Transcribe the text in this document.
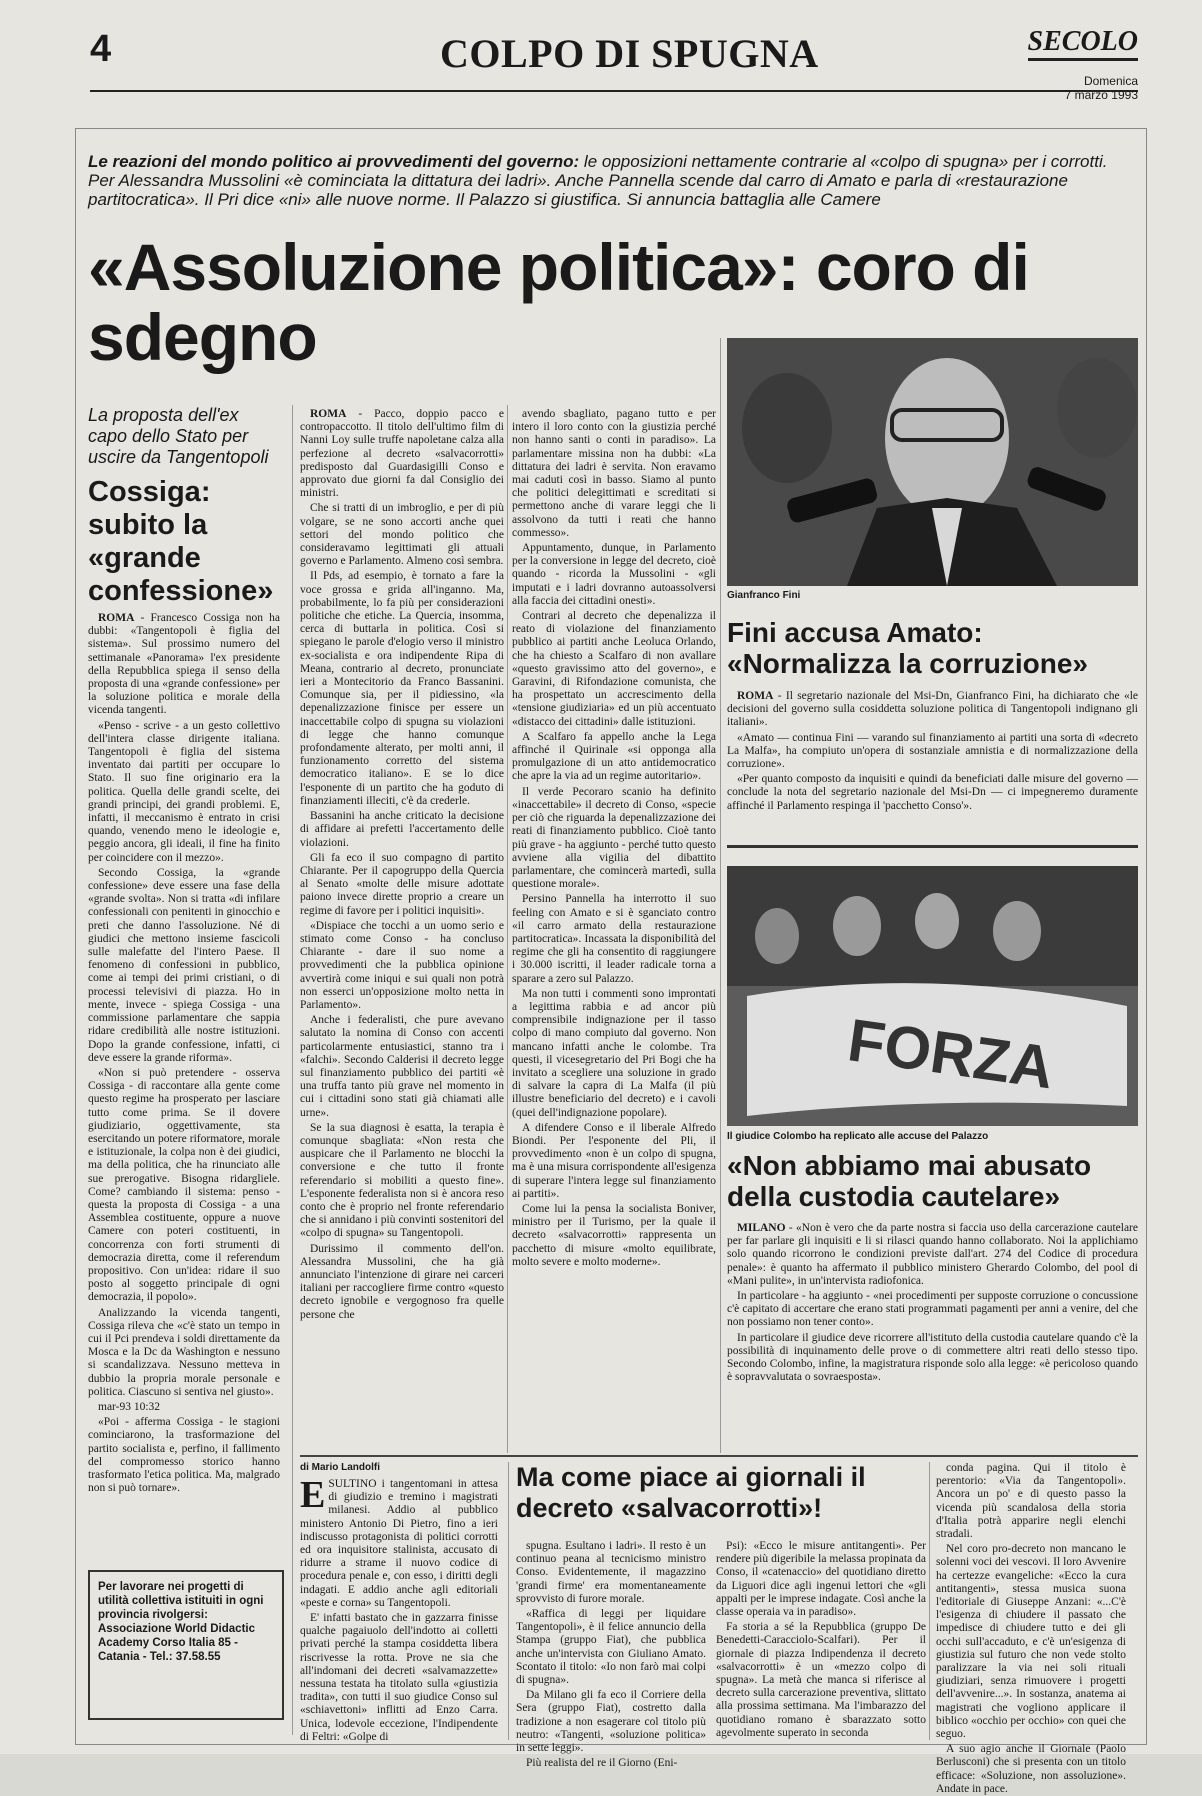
4	COLPO DI SPUGNA	SECOLO
Domenica
7 marzo 1993
Le reazioni del mondo politico ai provvedimenti del governo: le opposizioni nettamente contrarie al «colpo di spugna» per i corrotti. Per Alessandra Mussolini «è cominciata la dittatura dei ladri». Anche Pannella scende dal carro di Amato e parla di «restaurazione partitocratica». Il Pri dice «ni» alle nuove norme. Il Palazzo si giustifica. Si annuncia battaglia alle Camere
«Assoluzione politica»: coro di sdegno
La proposta dell'ex capo dello Stato per uscire da Tangentopoli
Cossiga: subito la «grande confessione»

ROMA - Francesco Cossiga non ha dubbi: «Tangentopoli è figlia del sistema». Sul prossimo numero del settimanale «Panorama» l'ex presidente della Repubblica spiega il senso della proposta di una «grande confessione» per la soluzione politica e morale della vicenda tangenti.

«Penso - scrive - a un gesto collettivo dell'intera classe dirigente italiana. Tangentopoli è figlia del sistema inventato dai partiti per occupare lo Stato. Il suo fine originario era la politica. Quella delle grandi scelte, dei grandi principi, dei grandi problemi. E, infatti, il meccanismo è entrato in crisi quando, venendo meno le ideologie e, peggio ancora, gli ideali, il fine ha finito per coincidere con il mezzo».

Secondo Cossiga, la «grande confessione» deve essere una fase della «grande svolta». Non si tratta «di infilare confessionali con penitenti in ginocchio e preti che danno l'assoluzione. Né di giudici che mettono insieme fascicoli sulle malefatte del l'intero Paese. Il fenomeno di confessioni in pubblico, come ai tempi dei primi cristiani, o di processi televisivi di piazza. Ho in mente, invece - spiega Cossiga - una commissione parlamentare che sappia ridare credibilità alle nostre istituzioni. Dopo la grande confessione, infatti, ci deve essere la grande riforma».

«Non si può pretendere - osserva Cossiga - di raccontare alla gente come questo regime ha prosperato per lasciare tutto come prima. Se il dovere giudiziario, oggettivamente, sta esercitando un potere riformatore, morale e istituzionale, la colpa non è dei giudici, ma della politica, che ha rinunciato alle sue prerogative. Bisogna ridargliele. Come? cambiando il sistema: penso - questa la proposta di Cossiga - a una Assemblea costituente, oppure a nuove Camere con poteri costituenti, in concorrenza con forti strumenti di democrazia diretta, come il referendum propositivo. Con un'idea: ridare il suo posto al soggetto principale di ogni democrazia, il popolo».

Analizzando la vicenda tangenti, Cossiga rileva che «c'è stato un tempo in cui il Pci prendeva i soldi direttamente da Mosca e la Dc da Washington e nessuno si scandalizzava. Nessuno metteva in dubbio la propria morale personale e politica. Ciascuno si sentiva nel giusto».

mar-93 10:32

«Poi - afferma Cossiga - le stagioni cominciarono, la trasformazione del partito socialista e, perfino, il fallimento del compromesso storico hanno trasformato l'etica politica. Ma, malgrado non si può tornare».

Per lavorare nei progetti di utilità collettiva istituiti in ogni provincia rivolgersi: Associazione World Didactic Academy Corso Italia 85 - Catania - Tel.: 37.58.55

ROMA - Pacco, doppio pacco e contropaccotto. Il titolo dell'ultimo film di Nanni Loy sulle truffe napoletane calza alla perfezione al decreto «salvacorrotti» predisposto dal Guardasigilli Conso e approvato due giorni fa dal Consiglio dei ministri.

Che si tratti di un imbroglio, e per di più volgare, se ne sono accorti anche quei settori del mondo politico che consideravamo legittimati gli attuali governo e Parlamento. Almeno così sembra.

Il Pds, ad esempio, è tornato a fare la voce grossa e grida all'inganno. Ma, probabilmente, lo fa più per considerazioni politiche che etiche. La Quercia, insomma, cerca di buttarla in politica. Così si spiegano le parole d'elogio verso il ministro ex-socialista e ora indipendente Ripa di Meana, contrario al decreto, pronunciate ieri a Montecitorio da Franco Bassanini. Comunque sia, per il pidiessino, «la depenalizzazione finisce per essere un inaccettabile colpo di spugna su violazioni di legge che hanno comunque profondamente alterato, per molti anni, il funzionamento corretto del sistema democratico italiano». E se lo dice l'esponente di un partito che ha goduto di finanziamenti illeciti, c'è da crederle.

Bassanini ha anche criticato la decisione di affidare ai prefetti l'accertamento delle violazioni.

Gli fa eco il suo compagno di partito Chiarante. Per il capogruppo della Quercia al Senato «molte delle misure adottate paiono invece dirette proprio a creare un regime di favore per i politici inquisiti».

«Dispiace che tocchi a un uomo serio e stimato come Conso - ha concluso Chiarante - dare il suo nome a provvedimenti che la pubblica opinione avvertirà come iniqui e sui quali non potrà non esserci un'opposizione molto netta in Parlamento».

Anche i federalisti, che pure avevano salutato la nomina di Conso con accenti particolarmente entusiastici, stanno tra i «falchi». Secondo Calderisi il decreto legge sul finanziamento pubblico dei partiti «è una truffa tanto più grave nel momento in cui i cittadini sono stati già chiamati alle urne».

Se la sua diagnosi è esatta, la terapia è comunque sbagliata: «Non resta che auspicare che il Parlamento ne blocchi la conversione e che tutto il fronte referendario si mobiliti a questo fine». L'esponente federalista non si è ancora reso conto che è proprio nel fronte referendario che si annidano i più convinti sostenitori del «colpo di spugna» su Tangentopoli.

Durissimo il commento dell'on. Alessandra Mussolini, che ha già annunciato l'intenzione di girare nei carceri italiani per raccogliere firme contro «questo decreto ignobile e vergognoso fra quelle persone che

avendo sbagliato, pagano tutto e per intero il loro conto con la giustizia perché non hanno santi o conti in paradiso». La parlamentare missina non ha dubbi: «La dittatura dei ladri è servita. Non eravamo mai caduti così in basso. Siamo al punto che politici delegittimati e screditati si permettono anche di varare leggi che li assolvono da tutti i reati che hanno commesso».

Appuntamento, dunque, in Parlamento per la conversione in legge del decreto, cioè quando - ricorda la Mussolini - «gli imputati e i ladri dovranno autoassolversi alla faccia dei cittadini onesti».

Contrari al decreto che depenalizza il reato di violazione del finanziamento pubblico ai partiti anche Leoluca Orlando, che ha chiesto a Scalfaro di non avallare «questo gravissimo atto del governo», e Garavini, di Rifondazione comunista, che ha prospettato un accrescimento della «tensione giudiziaria» ed un più accentuato «distacco dei cittadini» dalle istituzioni.

A Scalfaro fa appello anche la Lega affinché il Quirinale «si opponga alla promulgazione di un atto antidemocratico che apre la via ad un regime autoritario».

Il verde Pecoraro scanio ha definito «inaccettabile» il decreto di Conso, «specie per ciò che riguarda la depenalizzazione dei reati di finanziamento pubblico. Cioè tanto più grave - ha aggiunto - perché tutto questo avviene alla vigilia del dibattito parlamentare, che comincerà martedì, sulla questione morale».

Persino Pannella ha interrotto il suo feeling con Amato e si è sganciato contro «il carro armato della restaurazione partitocratica». Incassata la disponibilità del regime che gli ha consentito di raggiungere i 30.000 iscritti, il leader radicale torna a sparare a zero sul Palazzo.

Ma non tutti i commenti sono improntati a legittima rabbia e ad ancor più comprensibile indignazione per il tasso colpo di mano compiuto dal governo. Non mancano infatti anche le colombe. Tra questi, il vicesegretario del Pri Bogi che ha invitato a scegliere una soluzione in grado di salvare la capra di La Malfa (il più illustre beneficiario del decreto) e i cavoli (quei dell'indignazione popolare).

A difendere Conso e il liberale Alfredo Biondi. Per l'esponente del Pli, il provvedimento «non è un colpo di spugna, ma è una misura corrispondente all'esigenza di superare l'intera legge sul finanziamento ai partiti».

Come lui la pensa la socialista Boniver, ministro per il Turismo, per la quale il decreto «salvacorrotti» rappresenta un pacchetto di misure «molto equilibrate, molto severe e molto moderne».

Gianfranco Fini
Fini accusa Amato: «Normalizza la corruzione»

ROMA - Il segretario nazionale del Msi-Dn, Gianfranco Fini, ha dichiarato che «le decisioni del governo sulla cosiddetta soluzione politica di Tangentopoli indignano gli italiani».

«Amato — continua Fini — varando sul finanziamento ai partiti una sorta di «decreto La Malfa», ha compiuto un'opera di sostanziale amnistia e di normalizzazione della corruzione».

«Per quanto composto da inquisiti e quindi da beneficiati dalle misure del governo — conclude la nota del segretario nazionale del Msi-Dn — ci impegneremo duramente affinché il Parlamento respinga il 'pacchetto Conso'».

FORZA
Il giudice Colombo ha replicato alle accuse del Palazzo
«Non abbiamo mai abusato della custodia cautelare»

MILANO - «Non è vero che da parte nostra si faccia uso della carcerazione cautelare per far parlare gli inquisiti e li si rilasci quando hanno collaborato. Noi la applichiamo solo quando ricorrono le condizioni previste dall'art. 274 del Codice di procedura penale»: è quanto ha affermato il pubblico ministero Gherardo Colombo, del pool di «Mani pulite», in un'intervista radiofonica.

In particolare - ha aggiunto - «nei procedimenti per supposte corruzione o concussione c'è capitato di accertare che erano stati programmati pagamenti per anni a venire, del che non possiamo non tener conto».

In particolare il giudice deve ricorrere all'istituto della custodia cautelare quando c'è la possibilità di inquinamento delle prove o di commettere altri reati dello stesso tipo. Secondo Colombo, infine, la magistratura risponde solo alla legge: «è pericoloso quando è sopravvalutata o sovraesposta».

di Mario Landolfi

ESULTINO i tangentomani in attesa di giudizio e tremino i magistrati milanesi. Addio al pubblico ministero Antonio Di Pietro, fino a ieri indiscusso protagonista di politici corrotti ed ora inquisitore stalinista, accusato di ridurre a strame il nuovo codice di procedura penale e, con esso, i diritti degli indagati. E addio anche agli editoriali «peste e corna» su Tangentopoli.

E' infatti bastato che in gazzarra finisse qualche pagaiuolo dell'indotto ai colletti privati perché la stampa cosiddetta libera riscrivesse la rotta. Prove ne sia che all'indomani dei decreti «salvamazzette» nessuna testata ha titolato sulla «giustizia tradita», con tutti il suo giudice Conso sul «schiavettoni» inflitti ad Enzo Carra. Unica, lodevole eccezione, l'Indipendente di Feltri: «Golpe di

Ma come piace ai giornali il decreto «salvacorrotti»!

spugna. Esultano i ladri». Il resto è un continuo peana al tecnicismo ministro Conso. Evidentemente, il magazzino 'grandi firme' era momentaneamente sprovvisto di furore morale.

«Raffica di leggi per liquidare Tangentopoli», è il felice annuncio della Stampa (gruppo Fiat), che pubblica anche un'intervista con Giuliano Amato. Scontato il titolo: «Io non farò mai colpi di spugna».

Da Milano gli fa eco il Corriere della Sera (gruppo Fiat), costretto dalla tradizione a non esagerare col titolo più neutro: «Tangenti, «soluzione politica» in sette leggi».

Più realista del re il Giorno (Eni-

Psi): «Ecco le misure antitangenti». Per rendere più digeribile la melassa propinata da Conso, il «catenaccio» del quotidiano diretto da Liguori dice agli ingenui lettori che «gli appalti per le imprese indagate. Così anche la classe operaia va in paradiso».

Fa storia a sé la Repubblica (gruppo De Benedetti-Caracciolo-Scalfari). Per il giornale di piazza Indipendenza il decreto «salvacorrotti» è un «mezzo colpo di spugna». La metà che manca si riferisce al decreto sulla carcerazione preventiva, slittato alla prossima settimana. Ma l'imbarazzo del quotidiano romano è sbarazzato sotto agevolmente superato in seconda

conda pagina. Qui il titolo è perentorio: «Via da Tangentopoli». Ancora un po' e di questo passo la vicenda più scandalosa della storia d'Italia potrà apparire negli elenchi stradali.

Nel coro pro-decreto non mancano le solenni voci dei vescovi. Il loro Avvenire ha certezze evangeliche: «Ecco la cura antitangenti», stessa musica suona l'editoriale di Giuseppe Anzani: «...C'è l'esigenza di chiudere il passato che impedisce di chiudere tutto e dei gli occhi sull'accaduto, e c'è un'esigenza di giustizia sul futuro che non vede stolto paralizzare la via nei soli rituali giudiziari, senza rimuovere i progetti dell'avvenire...». In sostanza, anatema ai magistrati che vogliono applicare il biblico «occhio per occhio» con quei che seguo.

A suo agio anche il Giornale (Paolo Berlusconi) che si presenta con un titolo efficace: «Soluzione, non assoluzione». Andate in pace.
